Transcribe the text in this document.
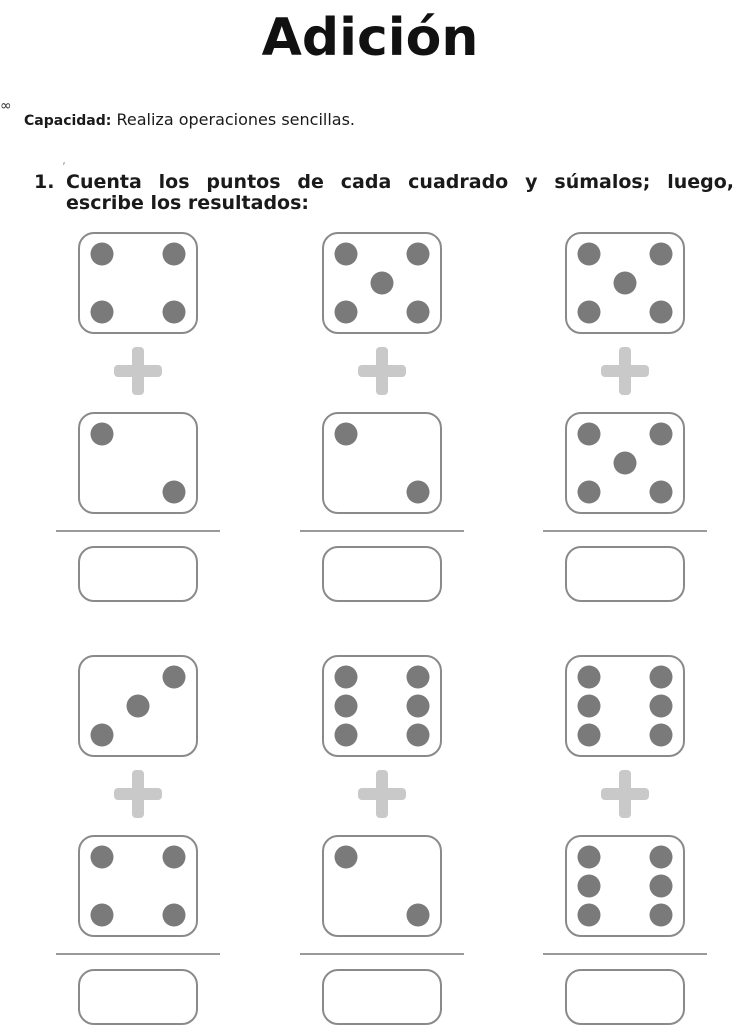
Adición
∞
Capacidad: Realiza operaciones sencillas.
ʼ
1. Cuenta los puntos de cada cuadrado y súmalos; luego, escribe los resultados:
